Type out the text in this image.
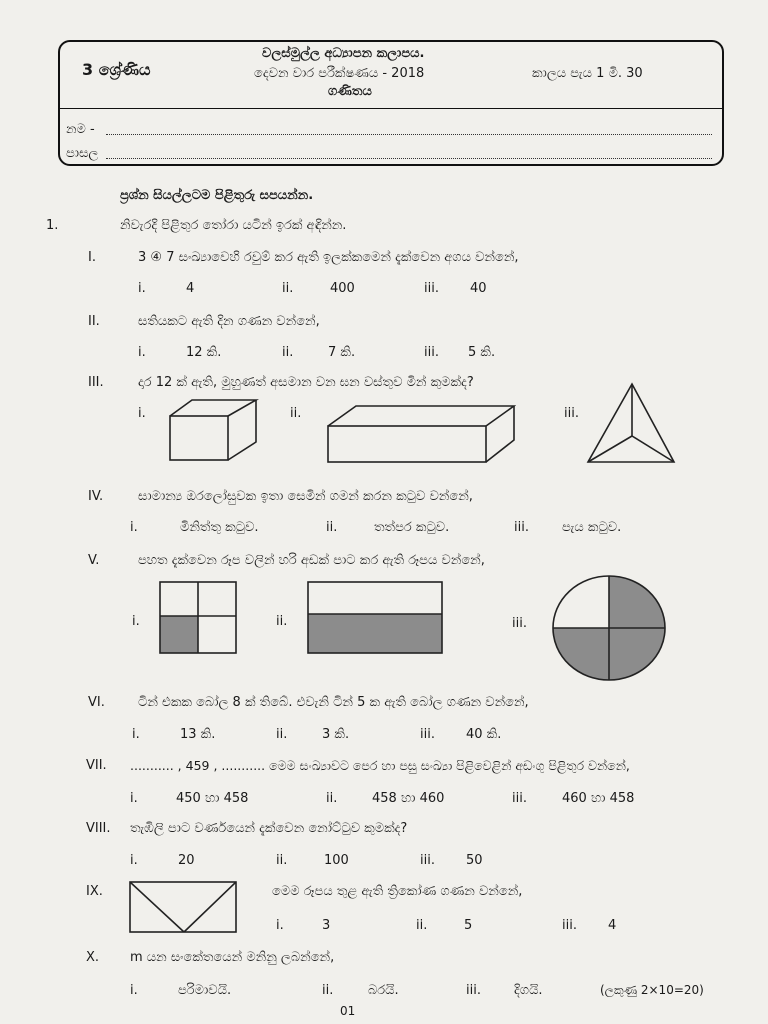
3 ශ්‍රේණිය
වලස්මුල්ල අධ්‍යාපන කලාපය.
දෙවන වාර පරීක්ෂණය - 2018	කාලය පැය 1 මි. 30
ගණිතය
නම -
පාසල
ප්‍රශ්න සියල්ලටම පිළිතුරු සපයන්න.
1.	නිවැරදි පිළිතුර තෝරා යටින් ඉරක් අඳින්න.
I.	3 ④ 7 සංඛ්‍යාවෙහි රවුම් කර ඇති ඉලක්කමෙන් දැක්වෙන අගය වන්නේ,
i.	4	ii.	400	iii. 40
II.	සතියකට ඇති දින ගණන වන්නේ,
i.	12 කි.	ii.	7 කි.	iii. 5 කි.
III.	දාර 12 ක් ඇති, මුහුණත් අසමාන වන ඝන වස්තුව මින් කුමක්ද?
i.	ii.	iii.
IV.	සාමාන්‍ය ඔරලෝසුවක ඉතා සෙමින් ගමන් කරන කටුව වන්නේ,
i.	මිනිත්තු කටුව.	ii.	තත්පර කටුව.	iii.	පැය කටුව.
V.	පහත දැක්වෙන රූප වලින් හරි අඩක් පාට කර ඇති රූපය වන්නේ,
i.	ii.	iii.
VI.	ටින් එකක බෝල 8 ක් තිබේ. එවැනි ටින් 5 ක ඇති බෝල ගණන වන්නේ,
i.	13 කි.	ii.	3 කි.	iii. 40 කි.
VII. ........... , 459 , ........... මෙම සංඛ්‍යාවට පෙර හා පසු සංඛ්‍යා පිළිවෙළින් අඩංගු පිළිතුර වන්නේ,
i.	450 හා 458	ii.	458 හා 460	iii.	460 හා 458
VIII. තැඹිලි පාට වර්ණයෙන් දැක්වෙන නෝට්ටුව කුමක්ද?
i.	20	ii.	100	iii. 50
IX.	මෙම රූපය තුළ ඇති ත්‍රිකෝණ ගණන වන්නේ,
i.	3	ii.	5	iii. 4
X. m යන සංකේතයෙන් මනිනු ලබන්නේ,
i.	පරිමාවයි.	ii.	බරයි.	iii.	දිගයි.	(ලකුණු 2×10=20)
01
